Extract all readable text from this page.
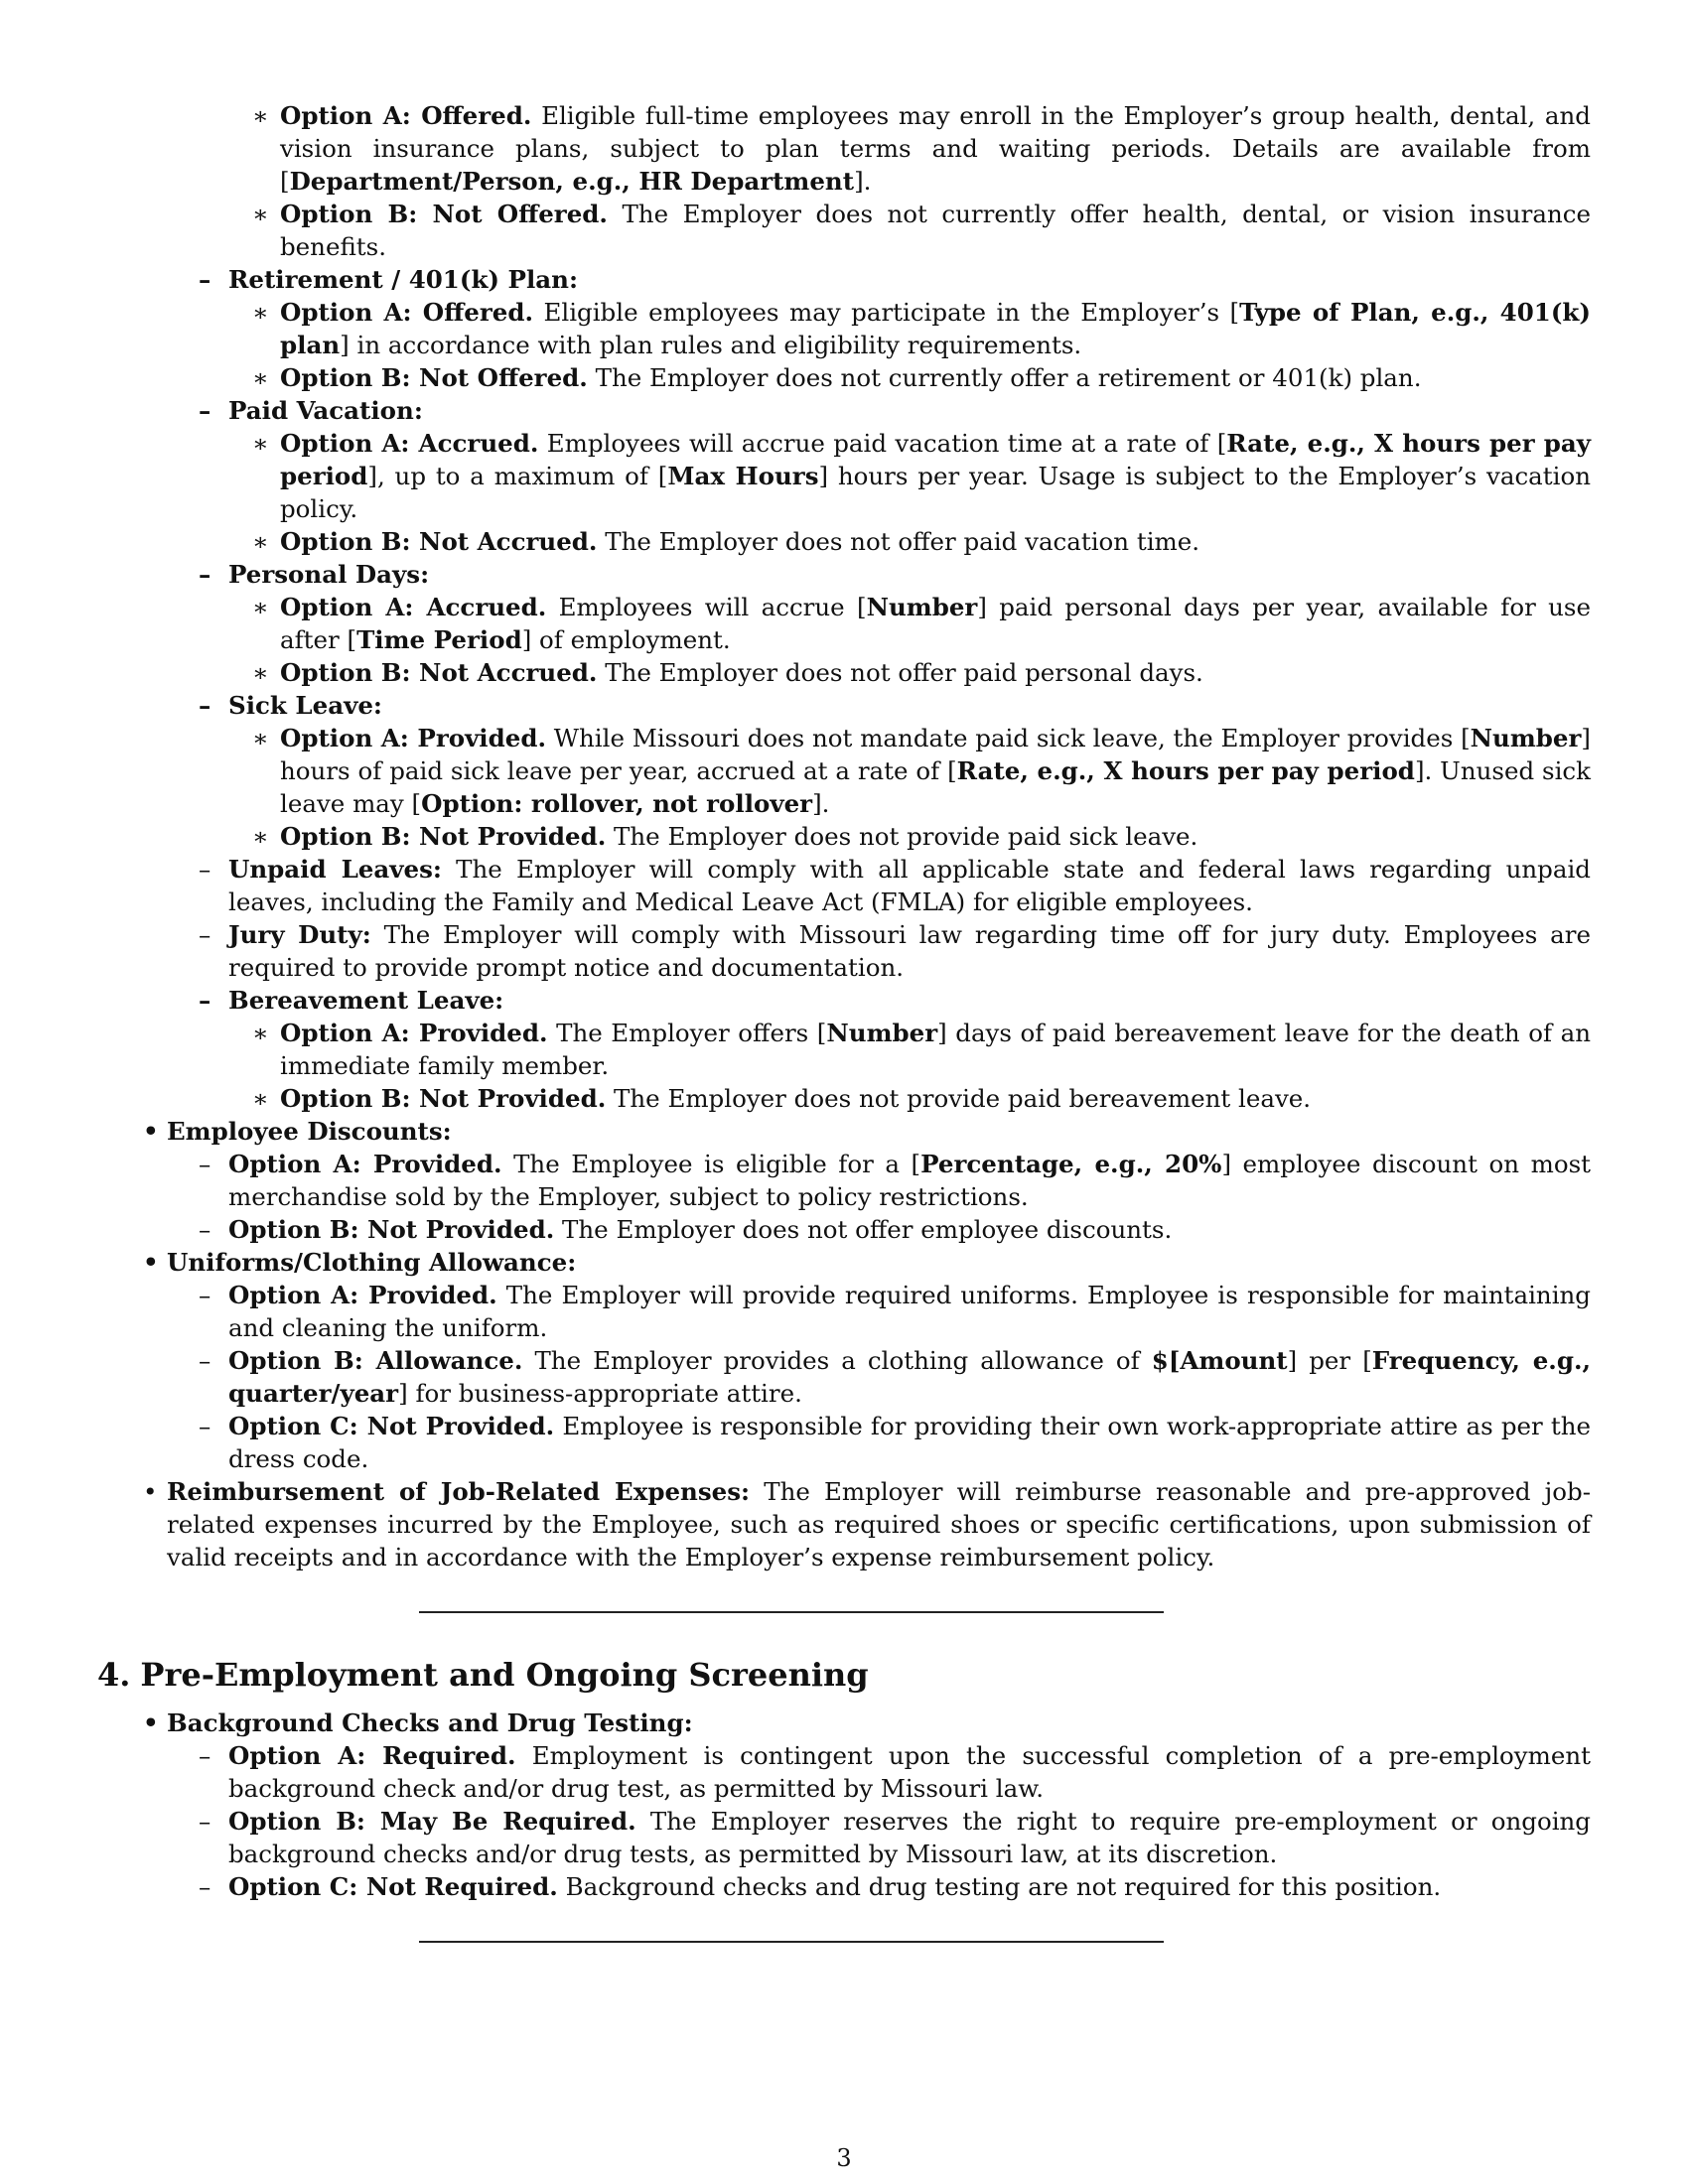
∗ Option A: Offered. Eligible full-time employees may enroll in the Employer’s group health, dental, and vision insurance plans, subject to plan terms and waiting periods. Details are available from [Department/Person, e.g., HR Department].
∗ Option B: Not Offered. The Employer does not currently offer health, dental, or vision insurance benefits.
– Retirement / 401(k) Plan:
∗ Option A: Offered. Eligible employees may participate in the Employer’s [Type of Plan, e.g., 401(k) plan] in accordance with plan rules and eligibility requirements.
∗ Option B: Not Offered. The Employer does not currently offer a retirement or 401(k) plan.
– Paid Vacation:
∗ Option A: Accrued. Employees will accrue paid vacation time at a rate of [Rate, e.g., X hours per pay period], up to a maximum of [Max Hours] hours per year. Usage is subject to the Employer’s vacation policy.
∗ Option B: Not Accrued. The Employer does not offer paid vacation time.
– Personal Days:
∗ Option A: Accrued. Employees will accrue [Number] paid personal days per year, available for use after [Time Period] of employment.
∗ Option B: Not Accrued. The Employer does not offer paid personal days.
– Sick Leave:
∗ Option A: Provided. While Missouri does not mandate paid sick leave, the Employer provides [Number] hours of paid sick leave per year, accrued at a rate of [Rate, e.g., X hours per pay period]. Unused sick leave may [Option: rollover, not rollover].
∗ Option B: Not Provided. The Employer does not provide paid sick leave.
– Unpaid Leaves: The Employer will comply with all applicable state and federal laws regarding unpaid leaves, including the Family and Medical Leave Act (FMLA) for eligible employees.
– Jury Duty: The Employer will comply with Missouri law regarding time off for jury duty. Employees are required to provide prompt notice and documentation.
– Bereavement Leave:
∗ Option A: Provided. The Employer offers [Number] days of paid bereavement leave for the death of an immediate family member.
∗ Option B: Not Provided. The Employer does not provide paid bereavement leave.
• Employee Discounts:
– Option A: Provided. The Employee is eligible for a [Percentage, e.g., 20%] employee discount on most merchandise sold by the Employer, subject to policy restrictions.
– Option B: Not Provided. The Employer does not offer employee discounts.
• Uniforms/Clothing Allowance:
– Option A: Provided. The Employer will provide required uniforms. Employee is responsible for maintaining and cleaning the uniform.
– Option B: Allowance. The Employer provides a clothing allowance of $[Amount] per [Frequency, e.g., quarter/year] for business-appropriate attire.
– Option C: Not Provided. Employee is responsible for providing their own work-appropriate attire as per the dress code.
• Reimbursement of Job-Related Expenses: The Employer will reimburse reasonable and pre-approved job-related expenses incurred by the Employee, such as required shoes or specific certifications, upon submission of valid receipts and in accordance with the Employer’s expense reimbursement policy.
4. Pre-Employment and Ongoing Screening
• Background Checks and Drug Testing:
– Option A: Required. Employment is contingent upon the successful completion of a pre-employment background check and/or drug test, as permitted by Missouri law.
– Option B: May Be Required. The Employer reserves the right to require pre-employment or ongoing background checks and/or drug tests, as permitted by Missouri law, at its discretion.
– Option C: Not Required. Background checks and drug testing are not required for this position.
3
